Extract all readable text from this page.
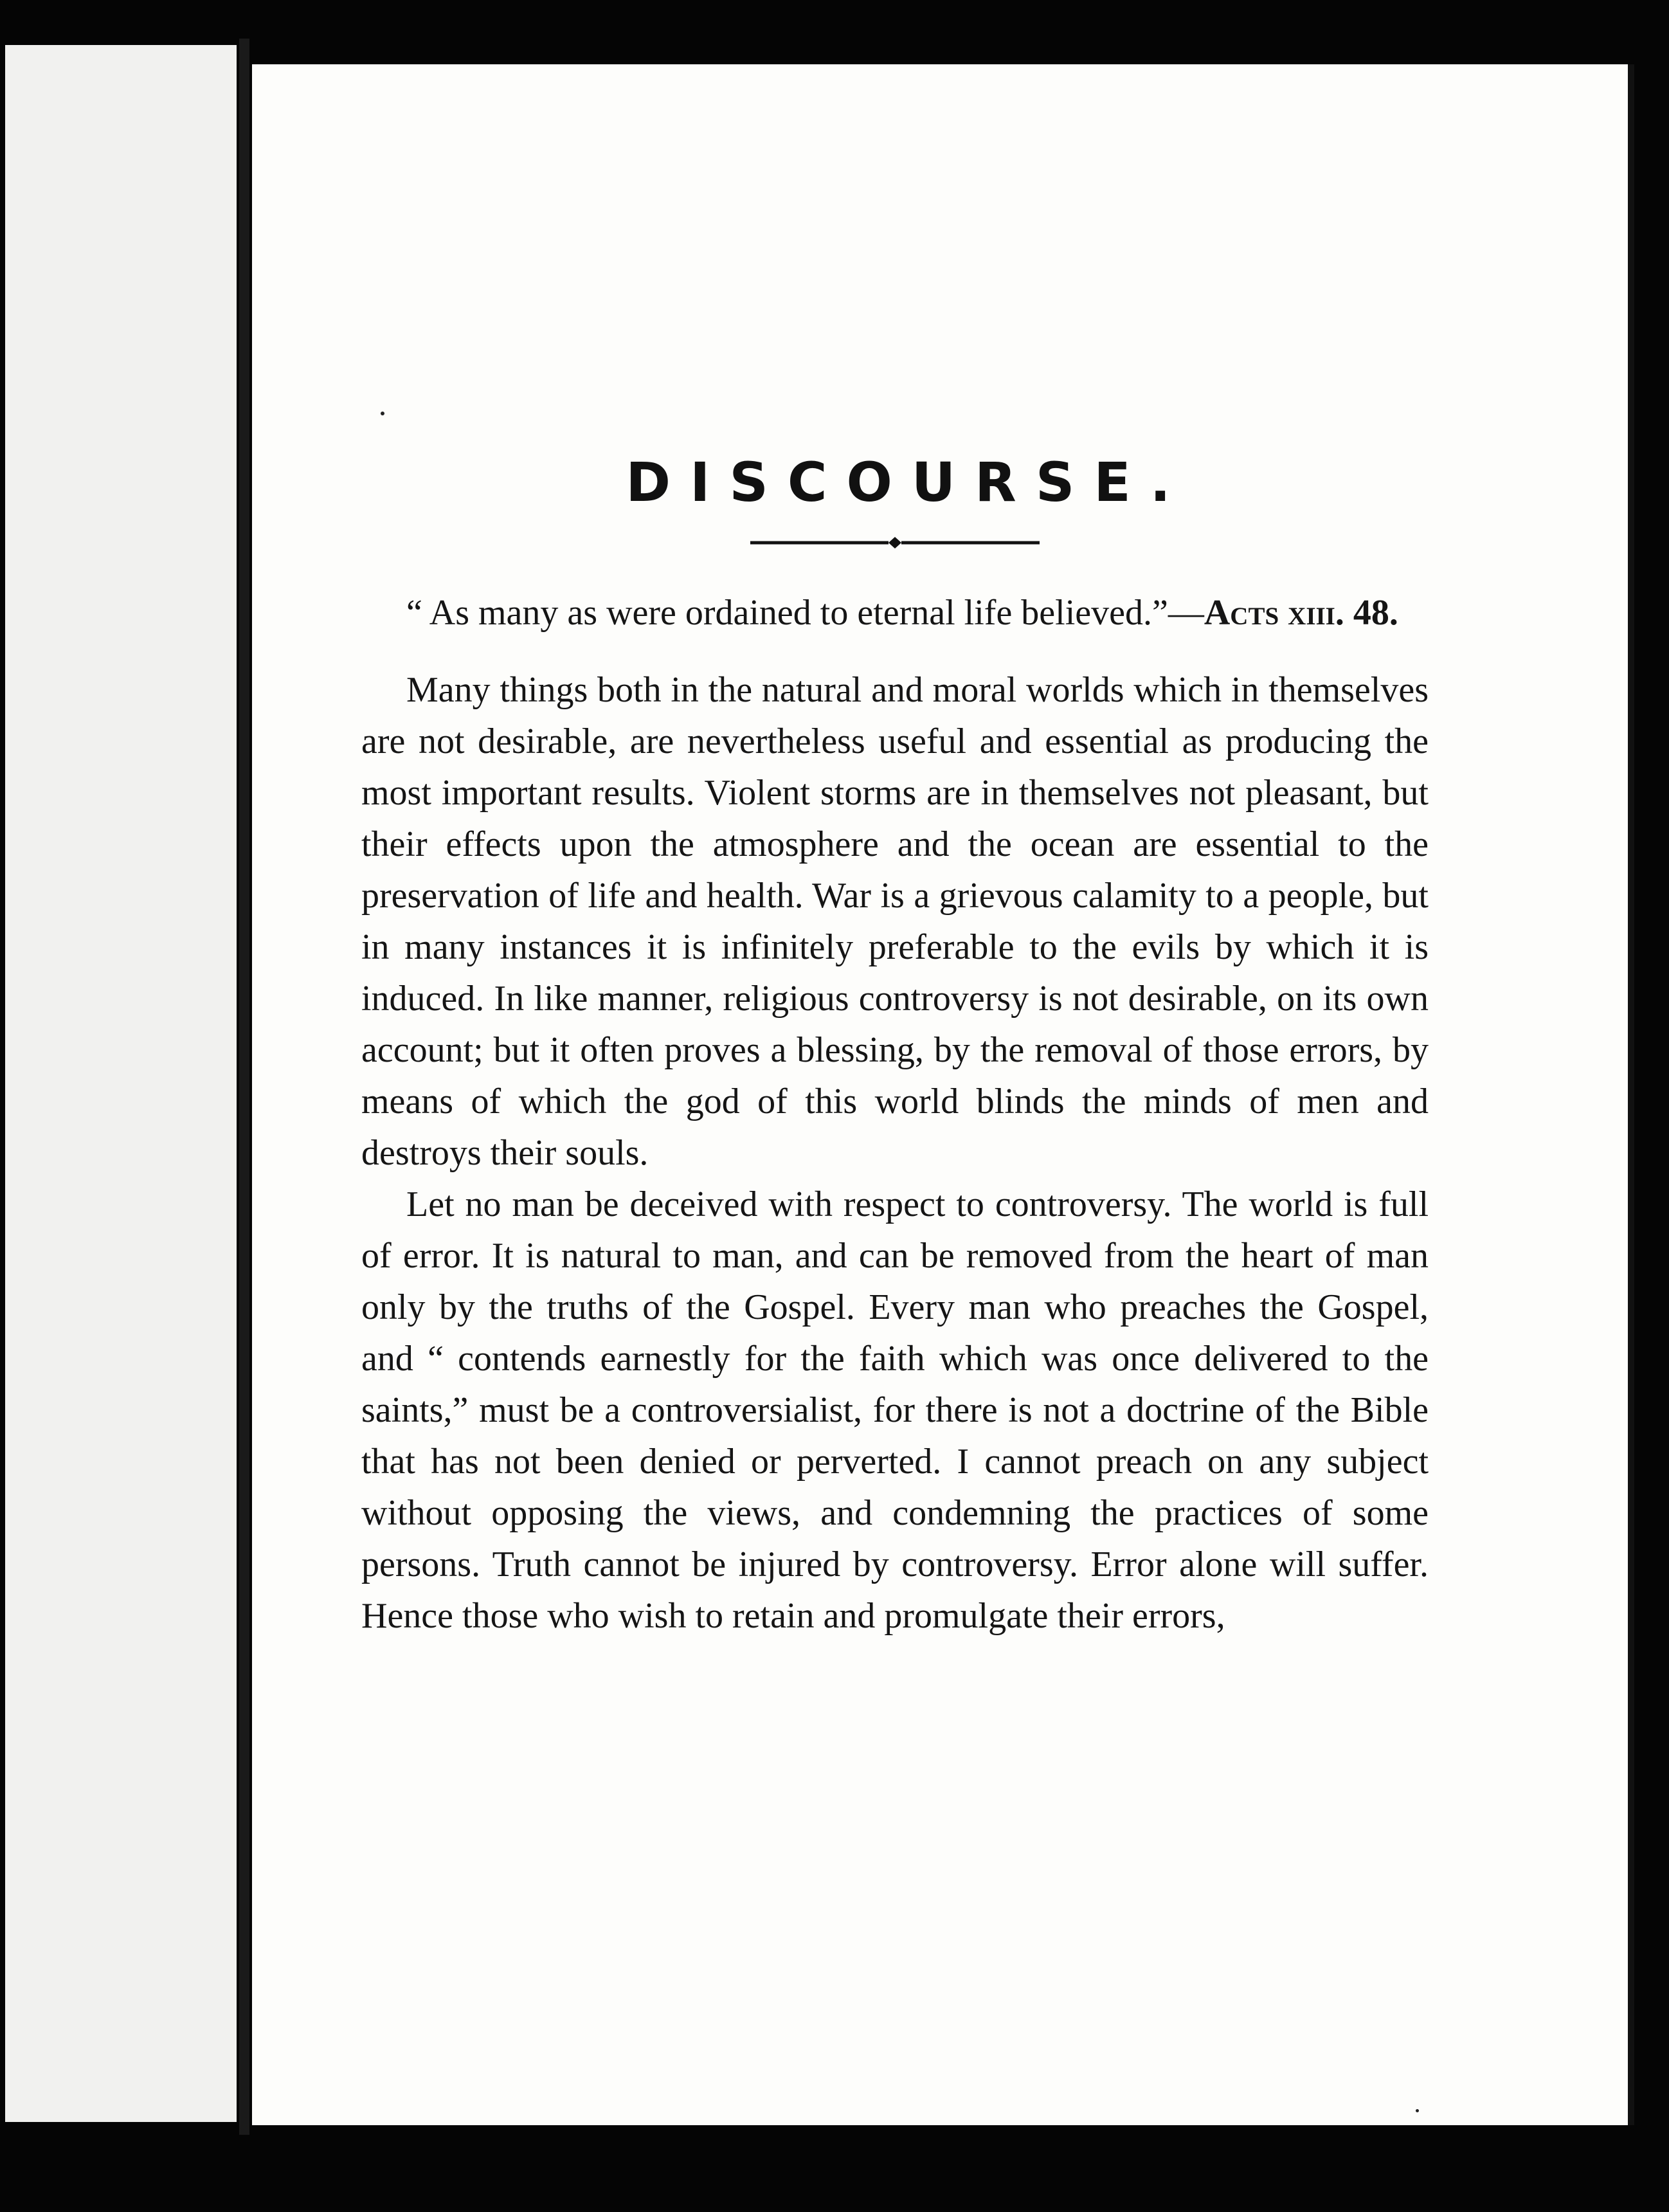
DISCOURSE.

“ As many as were ordained to eternal life believed.”—Acts xiii. 48.

Many things both in the natural and moral worlds which in themselves are not desirable, are nevertheless useful and essential as producing the most important results. Violent storms are in themselves not pleasant, but their effects upon the atmosphere and the ocean are essential to the preservation of life and health. War is a grievous calamity to a people, but in many instances it is infinitely preferable to the evils by which it is induced. In like manner, religious controversy is not desirable, on its own account; but it often proves a blessing, by the removal of those errors, by means of which the god of this world blinds the minds of men and destroys their souls.

Let no man be deceived with respect to controversy. The world is full of error. It is natural to man, and can be removed from the heart of man only by the truths of the Gospel. Every man who preaches the Gospel, and “ contends earnestly for the faith which was once delivered to the saints,” must be a controversialist, for there is not a doctrine of the Bible that has not been denied or perverted. I cannot preach on any subject without opposing the views, and condemning the practices of some persons. Truth cannot be injured by controversy. Error alone will suffer. Hence those who wish to retain and promulgate their errors,
